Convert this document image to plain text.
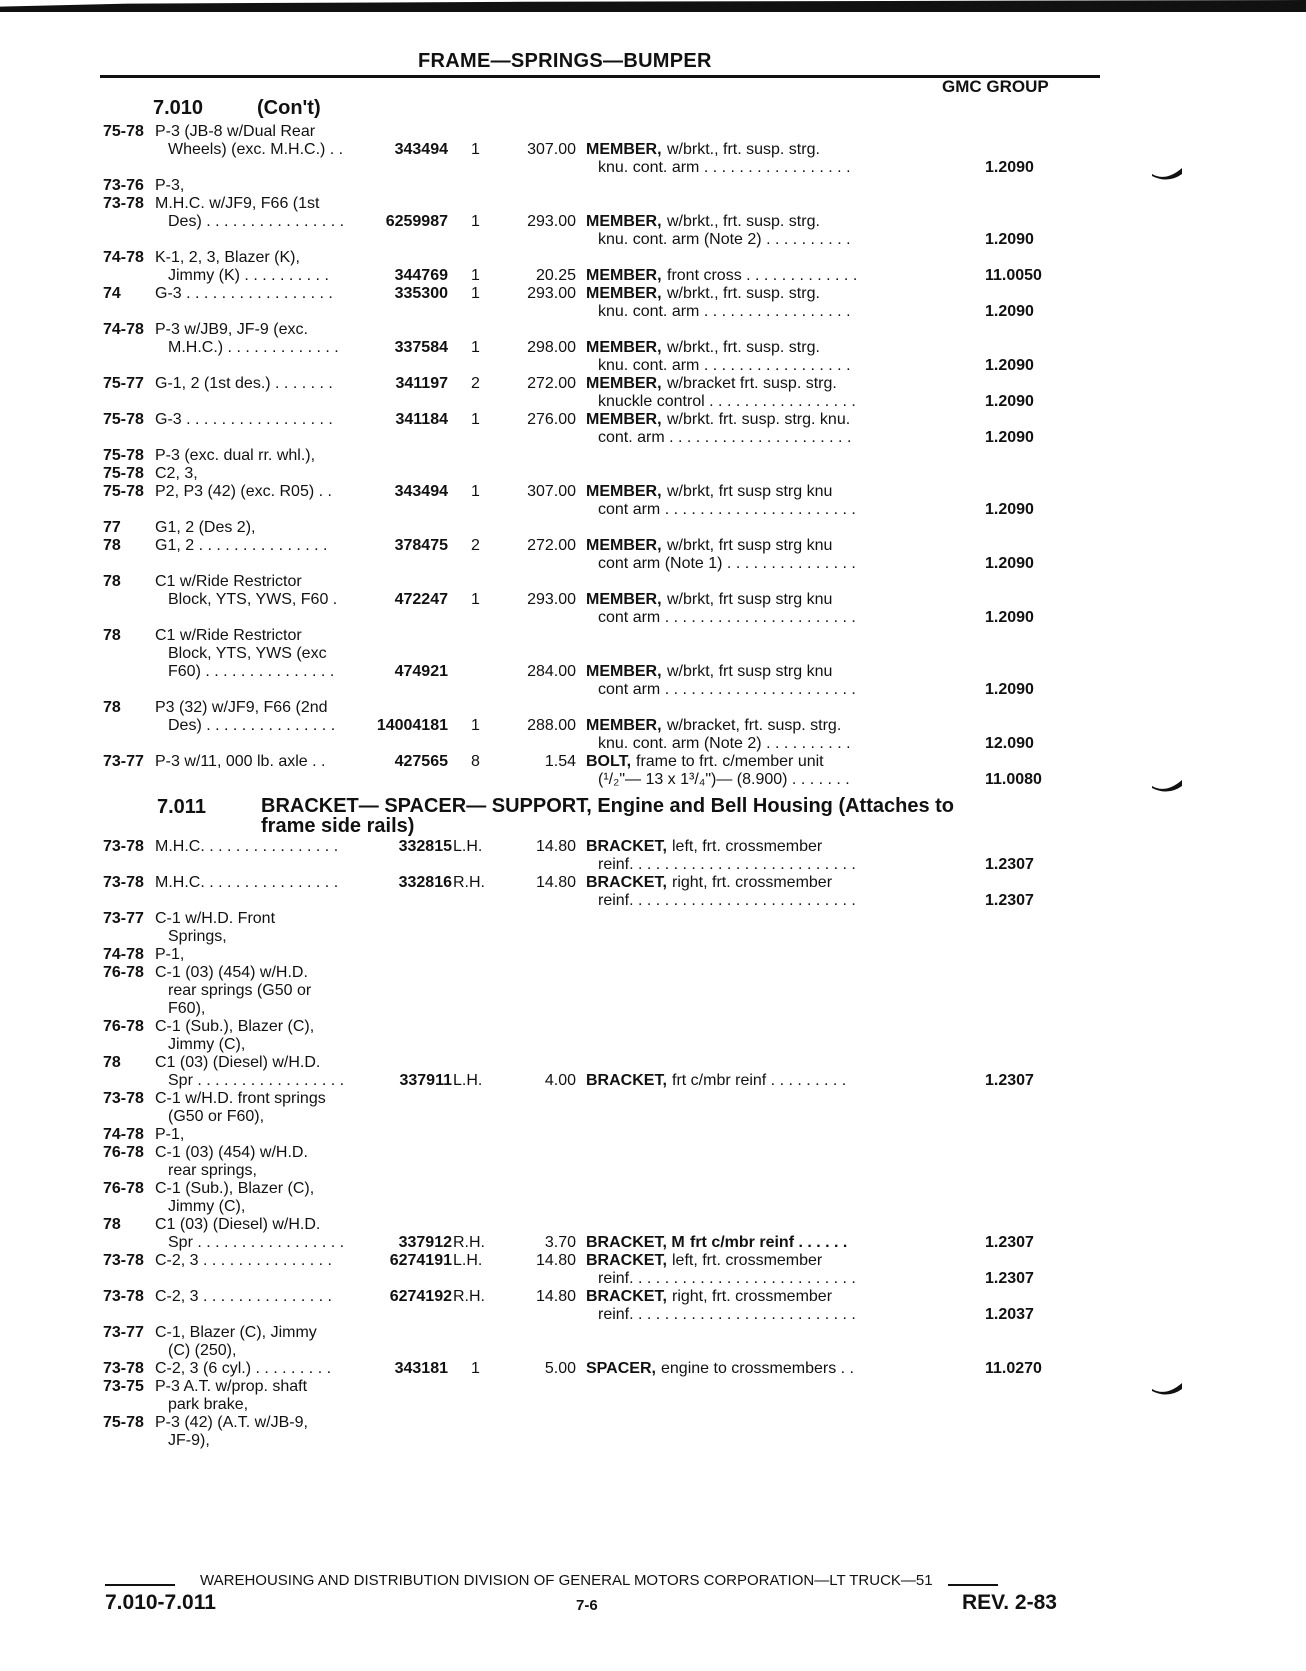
FRAME—SPRINGS—BUMPER
GMC GROUP
7.010	(Con't)
7.011	BRACKET— SPACER— SUPPORT, Engine and Bell Housing (Attaches to frame side rails)
75-78 P-3 (JB-8 w/Dual Rear
Wheels) (exc. M.H.C.) . .	343494 1	307.00 MEMBER, w/brkt., frt. susp. strg.
knu. cont. arm . . . . . . . . . . . . . . . . .	1.2090
73-76 P-3,
73-78 M.H.C. w/JF9, F66 (1st
Des) . . . . . . . . . . . . . . . .	6259987 1	293.00 MEMBER, w/brkt., frt. susp. strg.
knu. cont. arm (Note 2) . . . . . . . . . .	1.2090
74-78 K-1, 2, 3, Blazer (K),
Jimmy (K) . . . . . . . . . .	344769 1	20.25 MEMBER, front cross . . . . . . . . . . . . .	11.0050
74 G-3 . . . . . . . . . . . . . . . . .	335300 1	293.00 MEMBER, w/brkt., frt. susp. strg.
knu. cont. arm . . . . . . . . . . . . . . . . .	1.2090
74-78 P-3 w/JB9, JF-9 (exc.
M.H.C.) . . . . . . . . . . . . .	337584 1	298.00 MEMBER, w/brkt., frt. susp. strg.
knu. cont. arm . . . . . . . . . . . . . . . . .	1.2090
75-77 G-1, 2 (1st des.) . . . . . . .	341197 2	272.00 MEMBER, w/bracket frt. susp. strg.
knuckle control . . . . . . . . . . . . . . . . .	1.2090
75-78 G-3 . . . . . . . . . . . . . . . . .	341184 1	276.00 MEMBER, w/brkt. frt. susp. strg. knu.
cont. arm . . . . . . . . . . . . . . . . . . . . .	1.2090
75-78 P-3 (exc. dual rr. whl.),
75-78 C2, 3,
75-78 P2, P3 (42) (exc. R05) . .	343494 1	307.00 MEMBER, w/brkt, frt susp strg knu
cont arm . . . . . . . . . . . . . . . . . . . . . .	1.2090
77 G1, 2 (Des 2),
78 G1, 2 . . . . . . . . . . . . . . .	378475 2	272.00 MEMBER, w/brkt, frt susp strg knu
cont arm (Note 1) . . . . . . . . . . . . . . .	1.2090
78 C1 w/Ride Restrictor
Block, YTS, YWS, F60 .	472247 1	293.00 MEMBER, w/brkt, frt susp strg knu
cont arm . . . . . . . . . . . . . . . . . . . . . .	1.2090
78 C1 w/Ride Restrictor
Block, YTS, YWS (exc
F60) . . . . . . . . . . . . . . .	474921	284.00 MEMBER, w/brkt, frt susp strg knu
cont arm . . . . . . . . . . . . . . . . . . . . . .	1.2090
78 P3 (32) w/JF9, F66 (2nd
Des) . . . . . . . . . . . . . . .	14004181 1	288.00 MEMBER, w/bracket, frt. susp. strg.
knu. cont. arm (Note 2) . . . . . . . . . .	12.090
73-77 P-3 w/11, 000 lb. axle . .	427565 8	1.54 BOLT, frame to frt. c/member unit
(¹/₂"— 13 x 1³/₄")— (8.900) . . . . . . .	11.0080
73-78 M.H.C. . . . . . . . . . . . . . . .	332815 L.H.	14.80 BRACKET, left, frt. crossmember
reinf. . . . . . . . . . . . . . . . . . . . . . . . . .	1.2307
73-78 M.H.C. . . . . . . . . . . . . . . .	332816 R.H.	14.80 BRACKET, right, frt. crossmember
reinf. . . . . . . . . . . . . . . . . . . . . . . . . .	1.2307
73-77 C-1 w/H.D. Front
Springs,
74-78 P-1,
76-78 C-1 (03) (454) w/H.D.
rear springs (G50 or
F60),
76-78 C-1 (Sub.), Blazer (C),
Jimmy (C),
78 C1 (03) (Diesel) w/H.D.
Spr . . . . . . . . . . . . . . . . .	337911 L.H.	4.00 BRACKET, frt c/mbr reinf . . . . . . . . .	1.2307
73-78 C-1 w/H.D. front springs
(G50 or F60),
74-78 P-1,
76-78 C-1 (03) (454) w/H.D.
rear springs,
76-78 C-1 (Sub.), Blazer (C),
Jimmy (C),
78 C1 (03) (Diesel) w/H.D.
Spr . . . . . . . . . . . . . . . . .	337912 R.H.	3.70 BRACKET, M frt c/mbr reinf . . . . . .	1.2307
73-78 C-2, 3 . . . . . . . . . . . . . . .	6274191 L.H.	14.80 BRACKET, left, frt. crossmember
reinf. . . . . . . . . . . . . . . . . . . . . . . . . .	1.2307
73-78 C-2, 3 . . . . . . . . . . . . . . .	6274192 R.H.	14.80 BRACKET, right, frt. crossmember
reinf. . . . . . . . . . . . . . . . . . . . . . . . . .	1.2037
73-77 C-1, Blazer (C), Jimmy
(C) (250),
73-78 C-2, 3 (6 cyl.) . . . . . . . . .	343181 1	5.00 SPACER, engine to crossmembers . .	11.0270
73-75 P-3 A.T. w/prop. shaft
park brake,
75-78 P-3 (42) (A.T. w/JB-9,
JF-9),
WAREHOUSING AND DISTRIBUTION DIVISION OF GENERAL MOTORS CORPORATION—LT TRUCK—51
7.010-7.011	7-6	REV. 2-83
